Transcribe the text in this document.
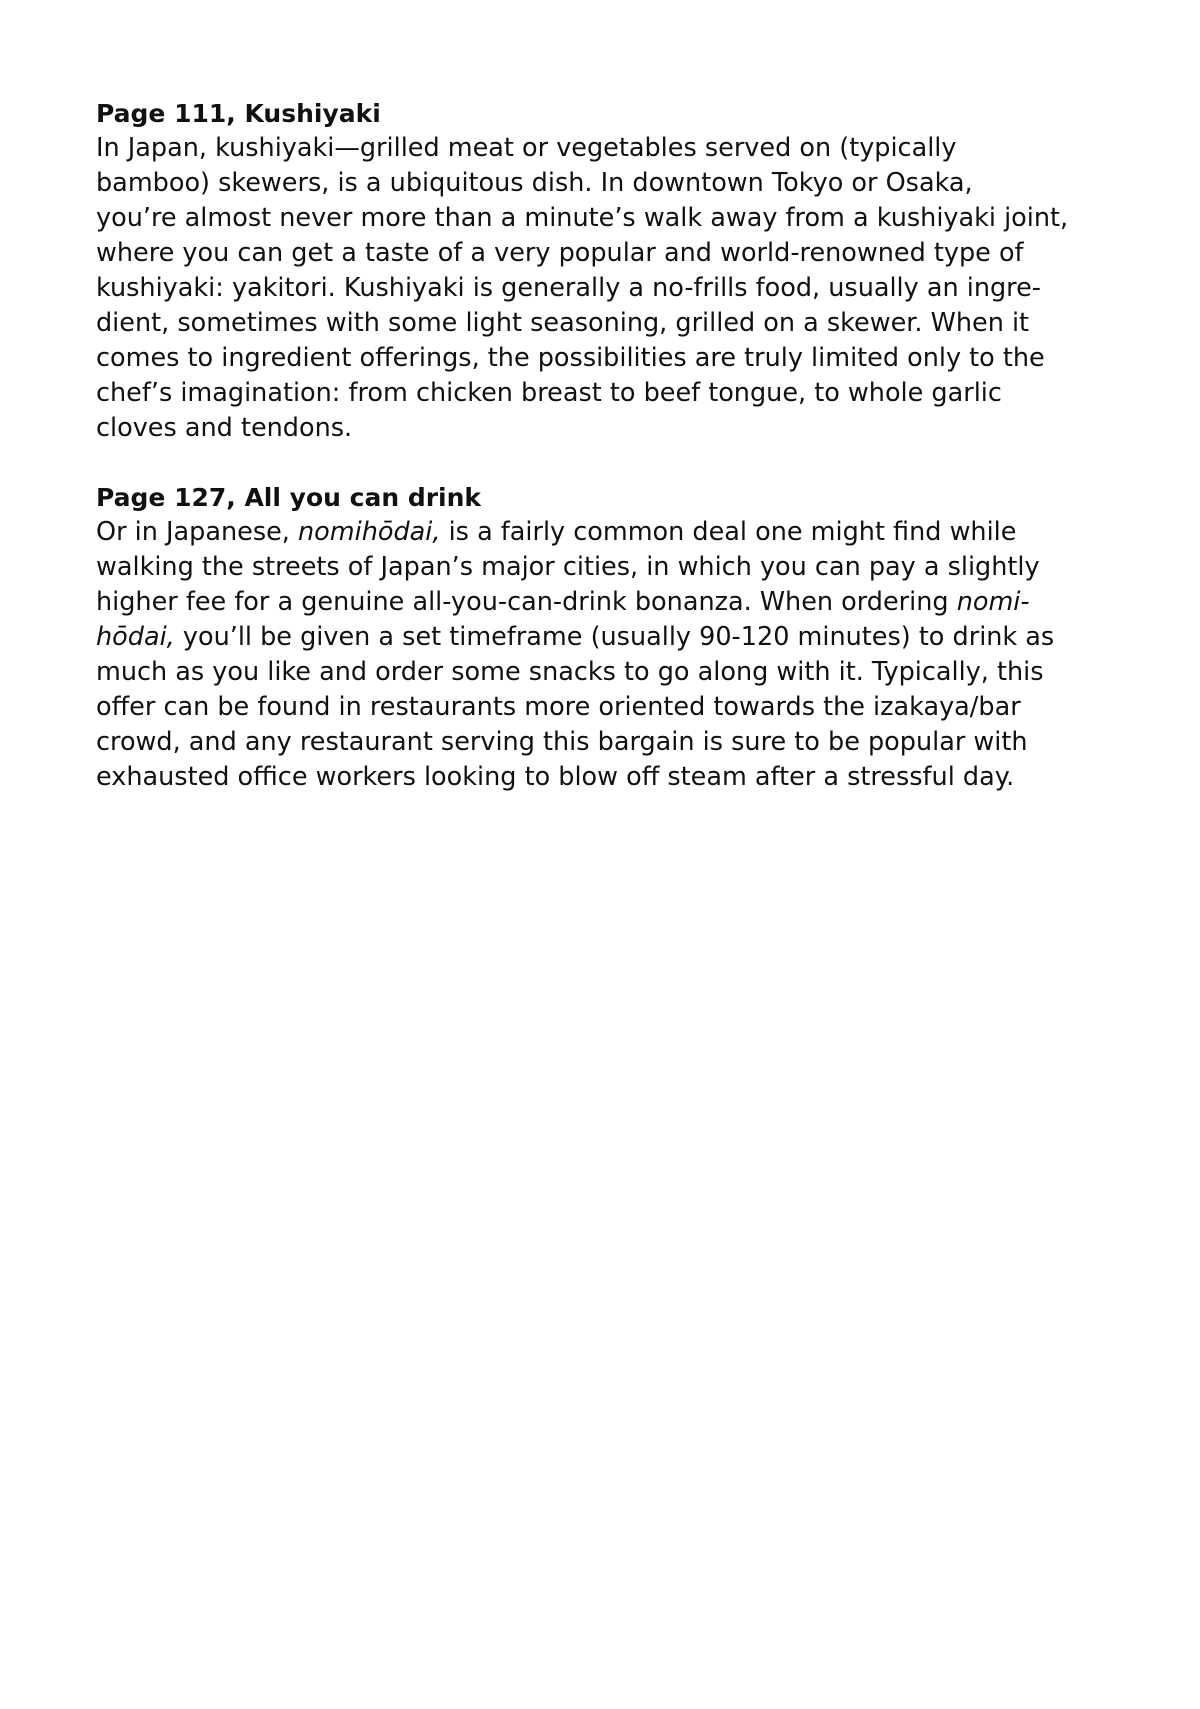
Page 111, Kushiyaki

In Japan, kushiyaki—grilled meat or vegetables served on (typically
bamboo) skewers, is a ubiquitous dish. In downtown Tokyo or Osaka,
you’re almost never more than a minute’s walk away from a kushiyaki joint,
where you can get a taste of a very popular and world-renowned type of
kushiyaki: yakitori. Kushiyaki is generally a no-frills food, usually an ingre-
dient, sometimes with some light seasoning, grilled on a skewer. When it
comes to ingredient offerings, the possibilities are truly limited only to the
chef’s imagination: from chicken breast to beef tongue, to whole garlic
cloves and tendons.

Page 127, All you can drink

Or in Japanese, nomihōdai, is a fairly common deal one might find while
walking the streets of Japan’s major cities, in which you can pay a slightly
higher fee for a genuine all-you-can-drink bonanza. When ordering nomi-
hōdai, you’ll be given a set timeframe (usually 90-120 minutes) to drink as
much as you like and order some snacks to go along with it. Typically, this
offer can be found in restaurants more oriented towards the izakaya/bar
crowd, and any restaurant serving this bargain is sure to be popular with
exhausted office workers looking to blow off steam after a stressful day.
